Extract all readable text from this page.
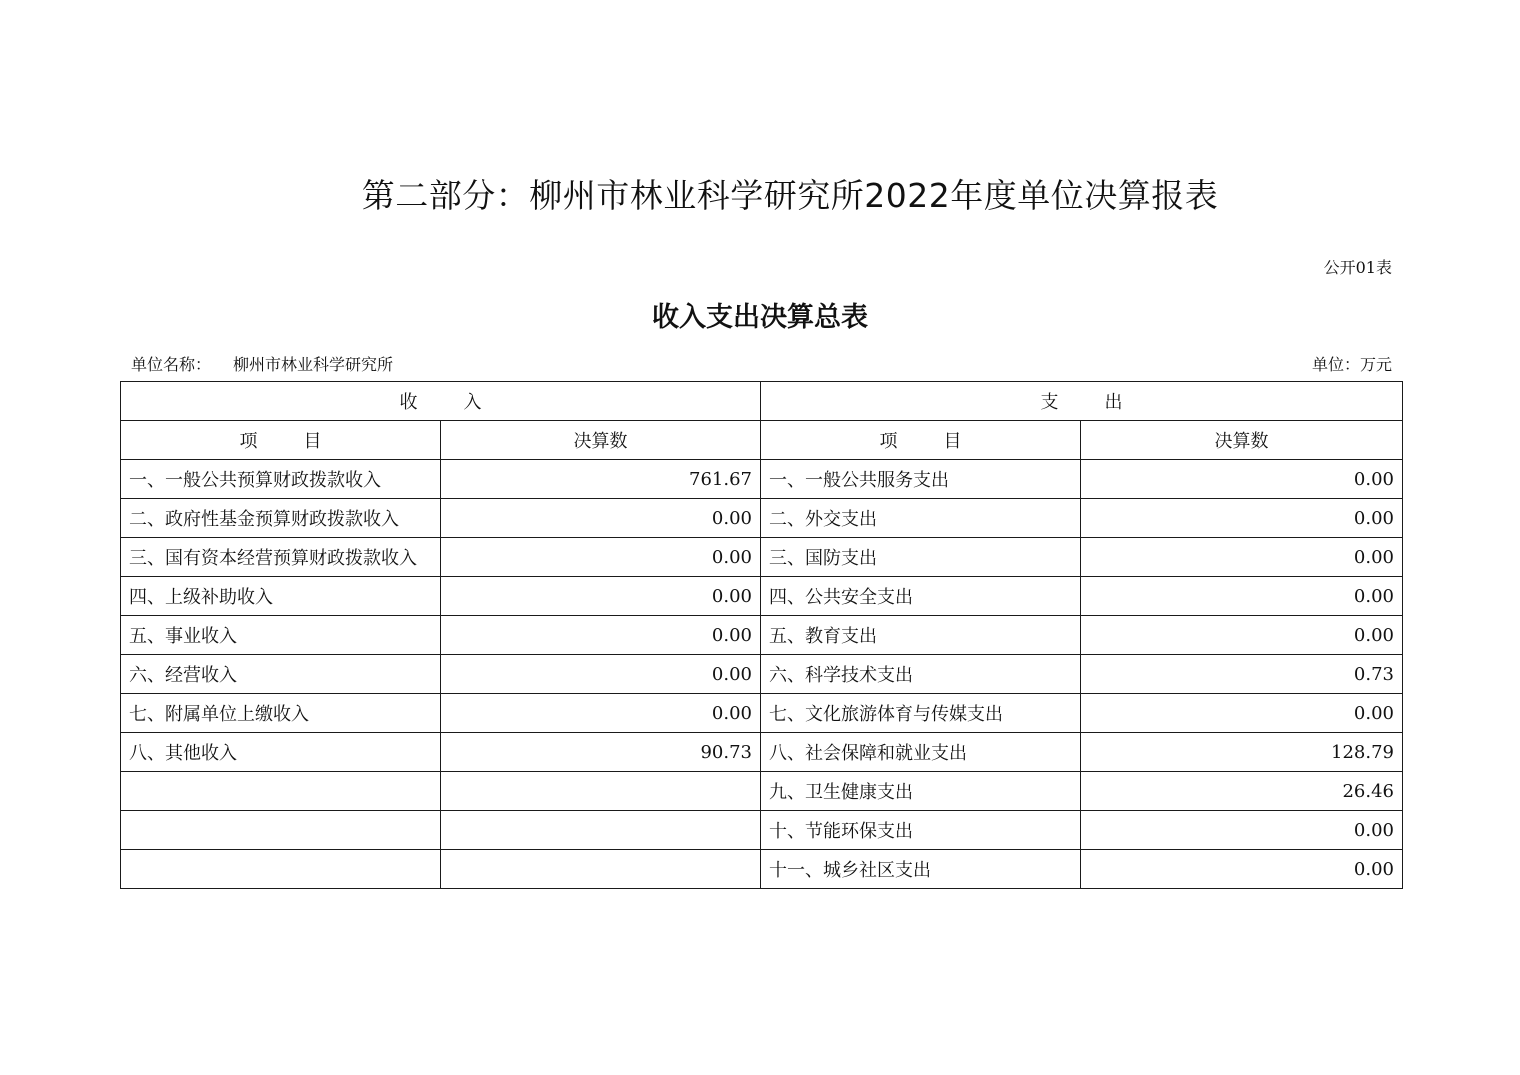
第二部分：柳州市林业科学研究所2022年度单位决算报表
公开01表
收入支出决算总表
单位名称： 柳州市林业科学研究所	单位：万元
收 入		支 出	
项 目	决算数	项 目	决算数
一、一般公共预算财政拨款收入	761.67	一、一般公共服务支出	0.00
二、政府性基金预算财政拨款收入	0.00	二、外交支出	0.00
三、国有资本经营预算财政拨款收入	0.00	三、国防支出	0.00
四、上级补助收入	0.00	四、公共安全支出	0.00
五、事业收入	0.00	五、教育支出	0.00
六、经营收入	0.00	六、科学技术支出	0.73
七、附属单位上缴收入	0.00	七、文化旅游体育与传媒支出	0.00
八、其他收入	90.73	八、社会保障和就业支出	128.79
		九、卫生健康支出	26.46
		十、节能环保支出	0.00
		十一、城乡社区支出	0.00
